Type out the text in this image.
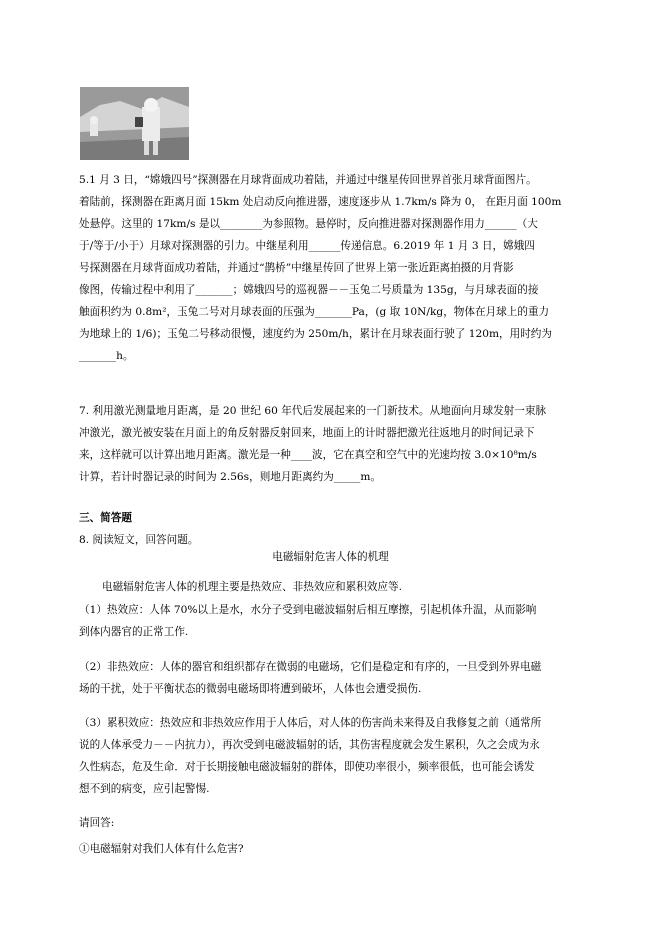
5.1 月 3 日，“嫦娥四号”探测器在月球背面成功着陆，并通过中继星传回世界首张月球背面图片。
着陆前，探测器在距离月面 15km 处启动反向推进器，速度逐步从 1.7km/s 降为 0， 在距月面 100m
处悬停。这里的 17km/s 是以________为参照物。悬停时，反向推进器对探测器作用力______（大
于/等于/小于）月球对探测器的引力。中继星利用______传递信息。6.2019 年 1 月 3 日，嫦娥四
号探测器在月球背面成功着陆，并通过“鹊桥”中继星传回了世界上第一张近距离拍摄的月背影
像图，传输过程中利用了_______；嫦娥四号的巡视器－－玉兔二号质量为 135g，与月球表面的接
触面积约为 0.8m²，玉兔二号对月球表面的压强为_______Pa，(g 取 10N/kg，物体在月球上的重力
为地球上的 1/6)；玉兔二号移动很慢，速度约为 250m/h，累计在月球表面行驶了 120m，用时约为
_______h。
7. 利用激光测量地月距离，是 20 世纪 60 年代后发展起来的一门新技术。从地面向月球发射一束脉
冲激光，激光被安装在月面上的角反射器反射回来，地面上的计时器把激光往返地月的时间记录下
来，这样就可以计算出地月距离。激光是一种____波，它在真空和空气中的光速均按 3.0×10⁸m/s
计算，若计时器记录的时间为 2.56s，则地月距离约为_____m。
三、简答题
8. 阅读短文，回答问题。
电磁辐射危害人体的机理
电磁辐射危害人体的机理主要是热效应、非热效应和累积效应等.
（1）热效应：人体 70%以上是水，水分子受到电磁波辐射后相互摩擦，引起机体升温，从而影响
到体内器官的正常工作.
（2）非热效应：人体的器官和组织都存在微弱的电磁场，它们是稳定和有序的，一旦受到外界电磁
场的干扰，处于平衡状态的微弱电磁场即将遭到破坏，人体也会遭受损伤.
（3）累积效应：热效应和非热效应作用于人体后，对人体的伤害尚未来得及自我修复之前（通常所
说的人体承受力－－内抗力），再次受到电磁波辐射的话，其伤害程度就会发生累积，久之会成为永
久性病态，危及生命．对于长期接触电磁波辐射的群体，即使功率很小，频率很低，也可能会诱发
想不到的病变，应引起警惕.
请回答:
①电磁辐射对我们人体有什么危害?
